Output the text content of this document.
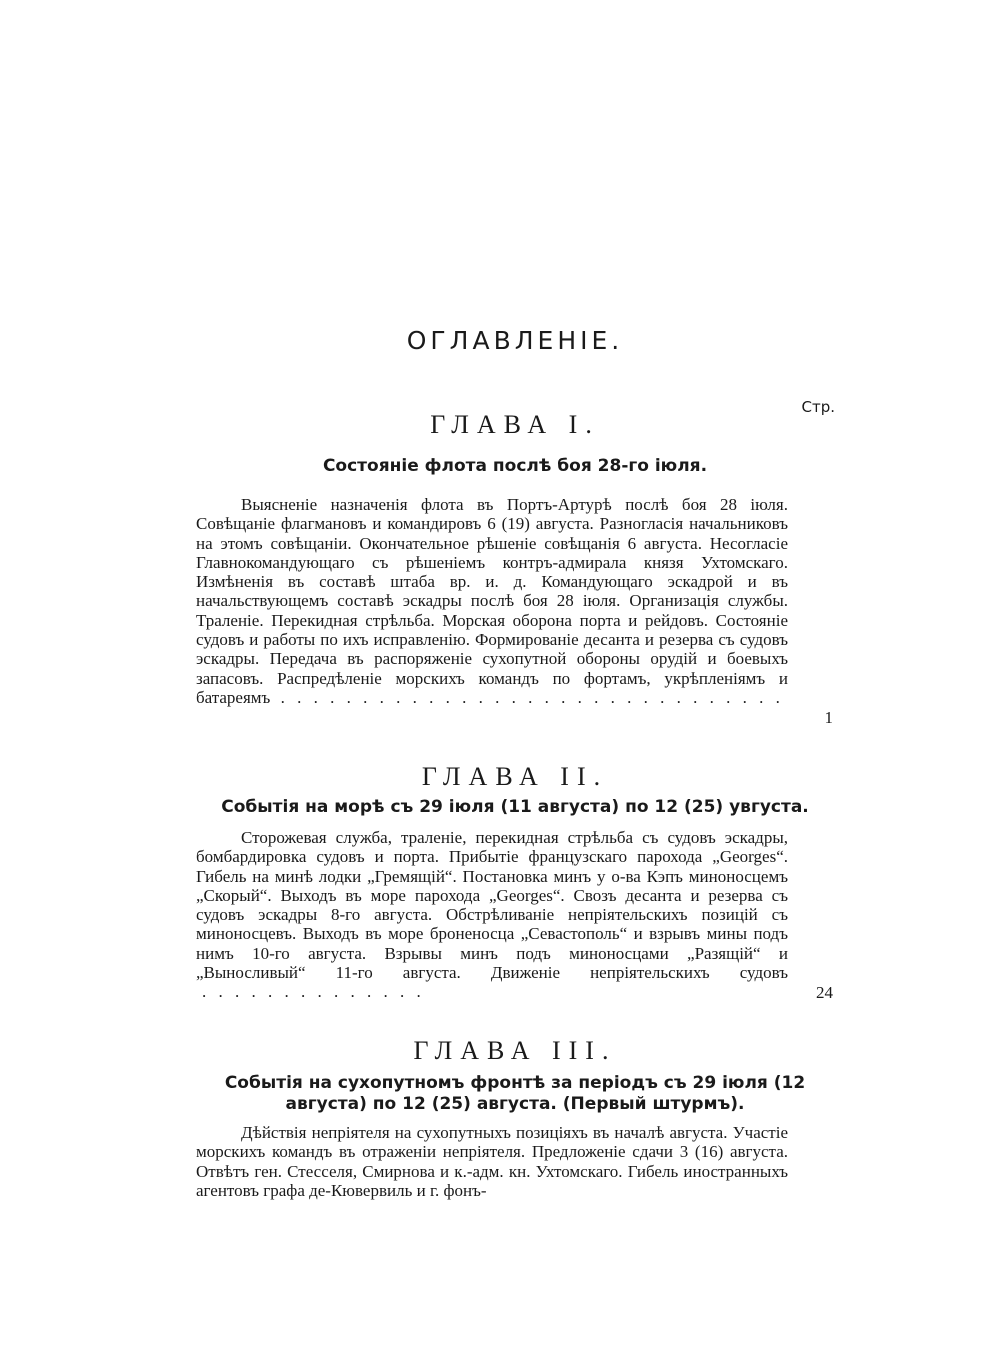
ОГЛАВЛЕНІЕ.
Стр.
ГЛАВА I.
Состояніе флота послѣ боя 28-го іюля.
Выясненіе назначенія флота въ Портъ-Артурѣ послѣ боя 28 іюля. Совѣщаніе флагмановъ и командировъ 6 (19) августа. Разногласія начальниковъ на этомъ совѣщаніи. Окончательное рѣшеніе совѣщанія 6 августа. Несогласіе Главнокомандующаго съ рѣшеніемъ контръ-адмирала князя Ухтомскаго. Измѣненія въ составѣ штаба вр. и. д. Командующаго эскадрой и въ начальствующемъ составѣ эскадры послѣ боя 28 іюля. Организація службы. Траленіе. Перекидная стрѣльба. Морская оборона порта и рейдовъ. Состояніе судовъ и работы по ихъ исправленію. Формированіе десанта и резерва съ судовъ эскадры. Передача въ распоряженіе сухопутной обороны орудій и боевыхъ запасовъ. Распредѣленіе морскихъ командъ по фортамъ, укрѣпленіямъ и батареямъ . . . . . . . . . . . . . . . . . . . . . . . . . . . . . . .
1
ГЛАВА II.
Событія на морѣ съ 29 іюля (11 августа) по 12 (25) увгуста.
Сторожевая служба, траленіе, перекидная стрѣльба съ судовъ эскадры, бомбардировка судовъ и порта. Прибытіе французскаго парохода „Georges“. Гибель на минѣ лодки „Гремящій“. Постановка минъ у о-ва Кэпъ миноносцемъ „Скорый“. Выходъ въ море парохода „Georges“. Свозъ десанта и резерва съ судовъ эскадры 8-го августа. Обстрѣливаніе непріятельскихъ позицій съ миноносцевъ. Выходъ въ море броненосца „Севастополь“ и взрывъ мины подъ нимъ 10-го августа. Взрывы минъ подъ миноносцами „Разящій“ и „Выносливый“ 11-го августа. Движеніе непріятельскихъ судовъ . . . . . . . . . . . . . .	24
ГЛАВА III.
Событія на сухопутномъ фронтѣ за періодъ съ 29 іюля (12 августа) по 12 (25) августа. (Первый штурмъ).
Дѣйствія непріятеля на сухопутныхъ позиціяхъ въ началѣ августа. Участіе морскихъ командъ въ отраженіи непріятеля. Предложеніе сдачи 3 (16) августа. Отвѣтъ ген. Стесселя, Смирнова и к.-адм. кн. Ухтомскаго. Гибель иностранныхъ агентовъ графа де-Кювервиль и г. фонъ-
